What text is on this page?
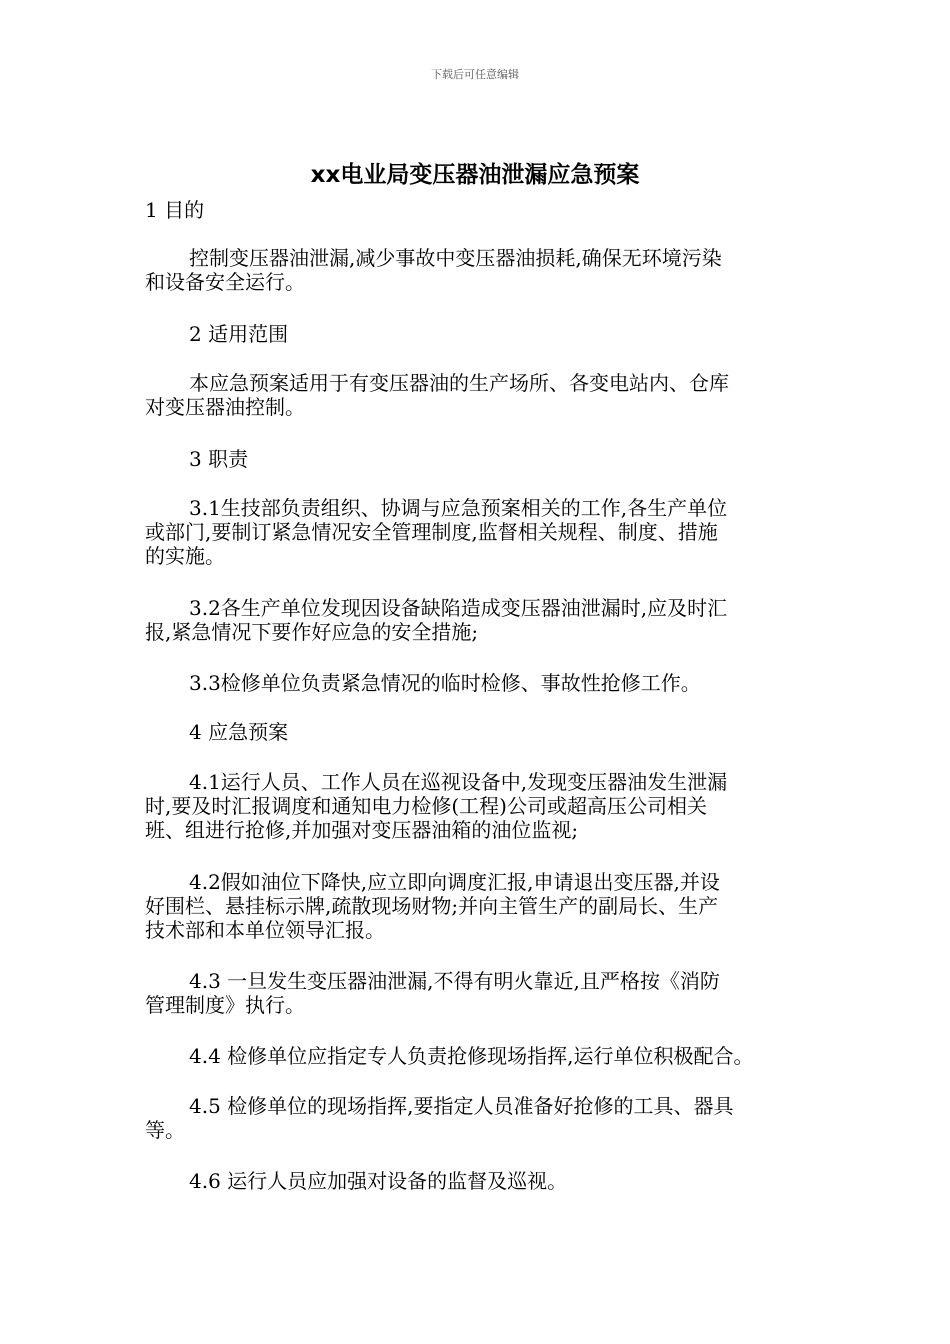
下载后可任意编辑
xx电业局变压器油泄漏应急预案
1 目的
控制变压器油泄漏,减少事故中变压器油损耗,确保无环境污染
和设备安全运行。
2 适用范围
本应急预案适用于有变压器油的生产场所、各变电站内、仓库
对变压器油控制。
3 职责
3.1生技部负责组织、协调与应急预案相关的工作,各生产单位
或部门,要制订紧急情况安全管理制度,监督相关规程、制度、措施
的实施。
3.2各生产单位发现因设备缺陷造成变压器油泄漏时,应及时汇
报,紧急情况下要作好应急的安全措施;
3.3检修单位负责紧急情况的临时检修、事故性抢修工作。
4 应急预案
4.1运行人员、工作人员在巡视设备中,发现变压器油发生泄漏
时,要及时汇报调度和通知电力检修(工程)公司或超高压公司相关
班、组进行抢修,并加强对变压器油箱的油位监视;
4.2假如油位下降快,应立即向调度汇报,申请退出变压器,并设
好围栏、悬挂标示牌,疏散现场财物;并向主管生产的副局长、生产
技术部和本单位领导汇报。
4.3 一旦发生变压器油泄漏,不得有明火靠近,且严格按《消防
管理制度》执行。
4.4 检修单位应指定专人负责抢修现场指挥,运行单位积极配合。
4.5 检修单位的现场指挥,要指定人员准备好抢修的工具、器具
等。
4.6 运行人员应加强对设备的监督及巡视。
